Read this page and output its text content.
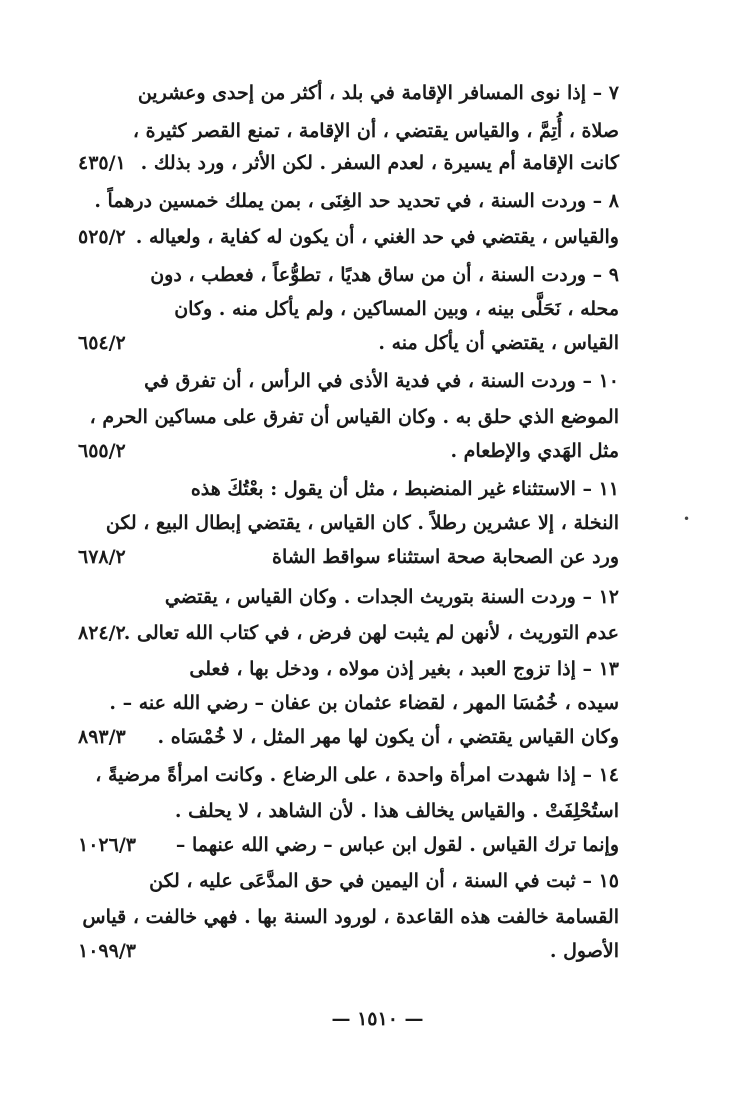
٧ – إذا نوى المسافر الإقامة في بلد ، أكثر من إحدى وعشرين
صلاة ، أُتِمَّ ، والقياس يقتضي ، أن الإقامة ، تمنع القصر كثيرة ،
كانت الإقامة أم يسيرة ، لعدم السفر . لكن الأثر ، ورد بذلك .
٤٣٥/١
٨ – وردت السنة ، في تحديد حد الغِنَى ، بمن يملك خمسين درهماً .
والقياس ، يقتضي في حد الغني ، أن يكون له كفاية ، ولعياله .
٥٢٥/٢
٩ – وردت السنة ، أن من ساق هديًا ، تطوُّعاً ، فعطب ، دون
محله ، نَحَلَّى بينه ، وبين المساكين ، ولم يأكل منه . وكان
القياس ، يقتضي أن يأكل منه .
٦٥٤/٢
١٠ – وردت السنة ، في فدية الأذى في الرأس ، أن تفرق في
الموضع الذي حلق به . وكان القياس أن تفرق على مساكين الحرم ،
مثل الهَدي والإطعام .
٦٥٥/٢
١١ – الاستثناء غير المنضبط ، مثل أن يقول : بعْتُكَ هذه
النخلة ، إلا عشرين رطلاً . كان القياس ، يقتضي إبطال البيع ، لكن
ورد عن الصحابة صحة استثناء سواقط الشاة
٦٧٨/٢
•
١٢ – وردت السنة بتوريث الجدات . وكان القياس ، يقتضي
عدم التوريث ، لأنهن لم يثبت لهن فرض ، في كتاب الله تعالى .
٨٢٤/٢
١٣ – إذا تزوج العبد ، بغير إذن مولاه ، ودخل بها ، فعلى
سيده ، خُمُسَا المهر ، لقضاء عثمان بن عفان – رضي الله عنه – .
وكان القياس يقتضي ، أن يكون لها مهر المثل ، لا خُمْسَاه .
٨٩٣/٣
١٤ – إذا شهدت امرأة واحدة ، على الرضاع . وكانت امرأةً مرضيةً ،
استُحْلِفَتْ . والقياس يخالف هذا . لأن الشاهد ، لا يحلف .
وإنما ترك القياس . لقول ابن عباس – رضي الله عنهما –
١٠٢٦/٣
١٥ – ثبت في السنة ، أن اليمين في حق المدَّعَى عليه ، لكن
القسامة خالفت هذه القاعدة ، لورود السنة بها . فهي خالفت ، قياس
الأصول .
١٠٩٩/٣
— ١٥١٠ —
